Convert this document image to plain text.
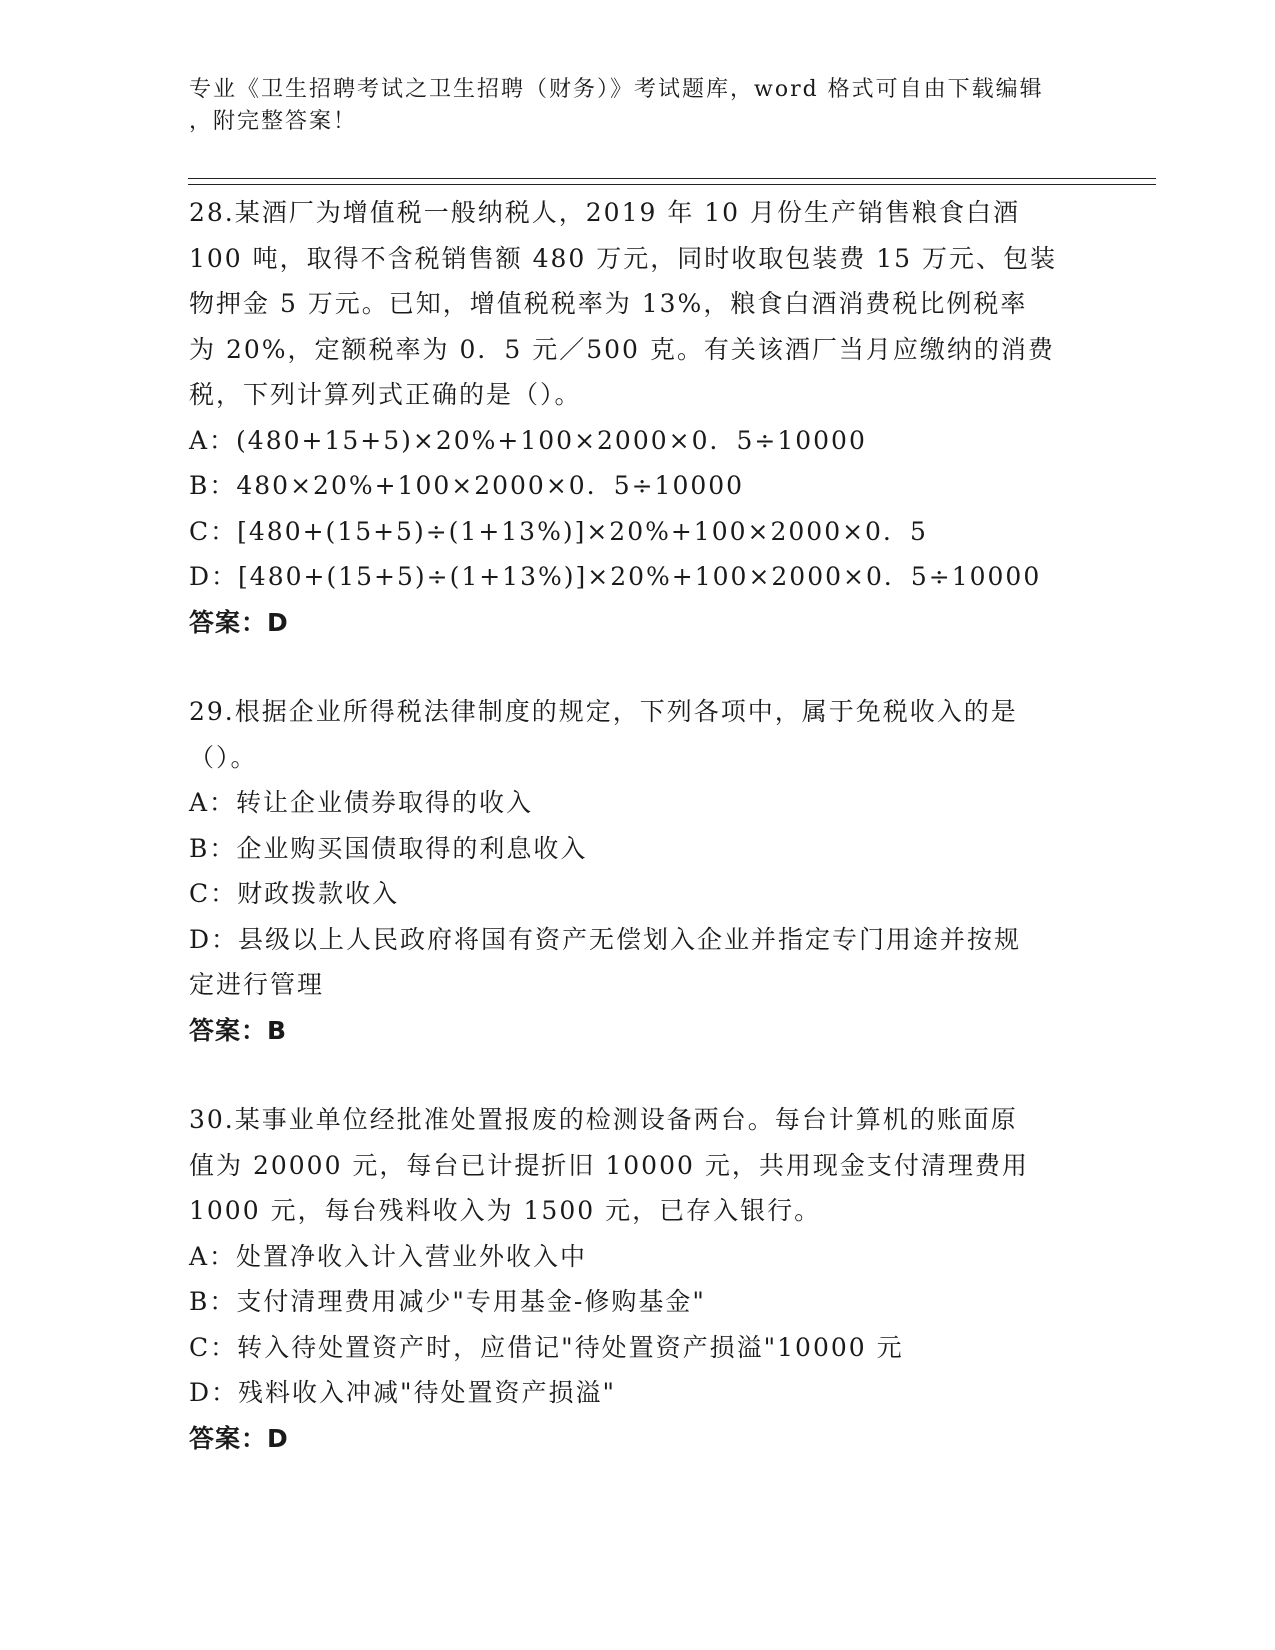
专业《卫生招聘考试之卫生招聘（财务）》考试题库，word 格式可自由下载编辑
，附完整答案！
28.某酒厂为增值税一般纳税人，2019 年 10 月份生产销售粮食白酒
100 吨，取得不含税销售额 480 万元，同时收取包装费 15 万元、包装
物押金 5 万元。已知，增值税税率为 13%，粮食白酒消费税比例税率
为 20%，定额税率为 0．5 元／500 克。有关该酒厂当月应缴纳的消费
税，下列计算列式正确的是（）。
A：(480+15+5)×20%+100×2000×0．5÷10000
B：480×20%+100×2000×0．5÷10000
C：[480+(15+5)÷(1+13%)]×20%+100×2000×0．5
D：[480+(15+5)÷(1+13%)]×20%+100×2000×0．5÷10000
答案：D
29.根据企业所得税法律制度的规定，下列各项中，属于免税收入的是
（）。
A：转让企业债券取得的收入
B：企业购买国债取得的利息收入
C：财政拨款收入
D：县级以上人民政府将国有资产无偿划入企业并指定专门用途并按规
定进行管理
答案：B
30.某事业单位经批准处置报废的检测设备两台。每台计算机的账面原
值为 20000 元，每台已计提折旧 10000 元，共用现金支付清理费用
1000 元，每台残料收入为 1500 元，已存入银行。
A：处置净收入计入营业外收入中
B：支付清理费用减少"专用基金-修购基金"
C：转入待处置资产时，应借记"待处置资产损溢"10000 元
D：残料收入冲减"待处置资产损溢"
答案：D
